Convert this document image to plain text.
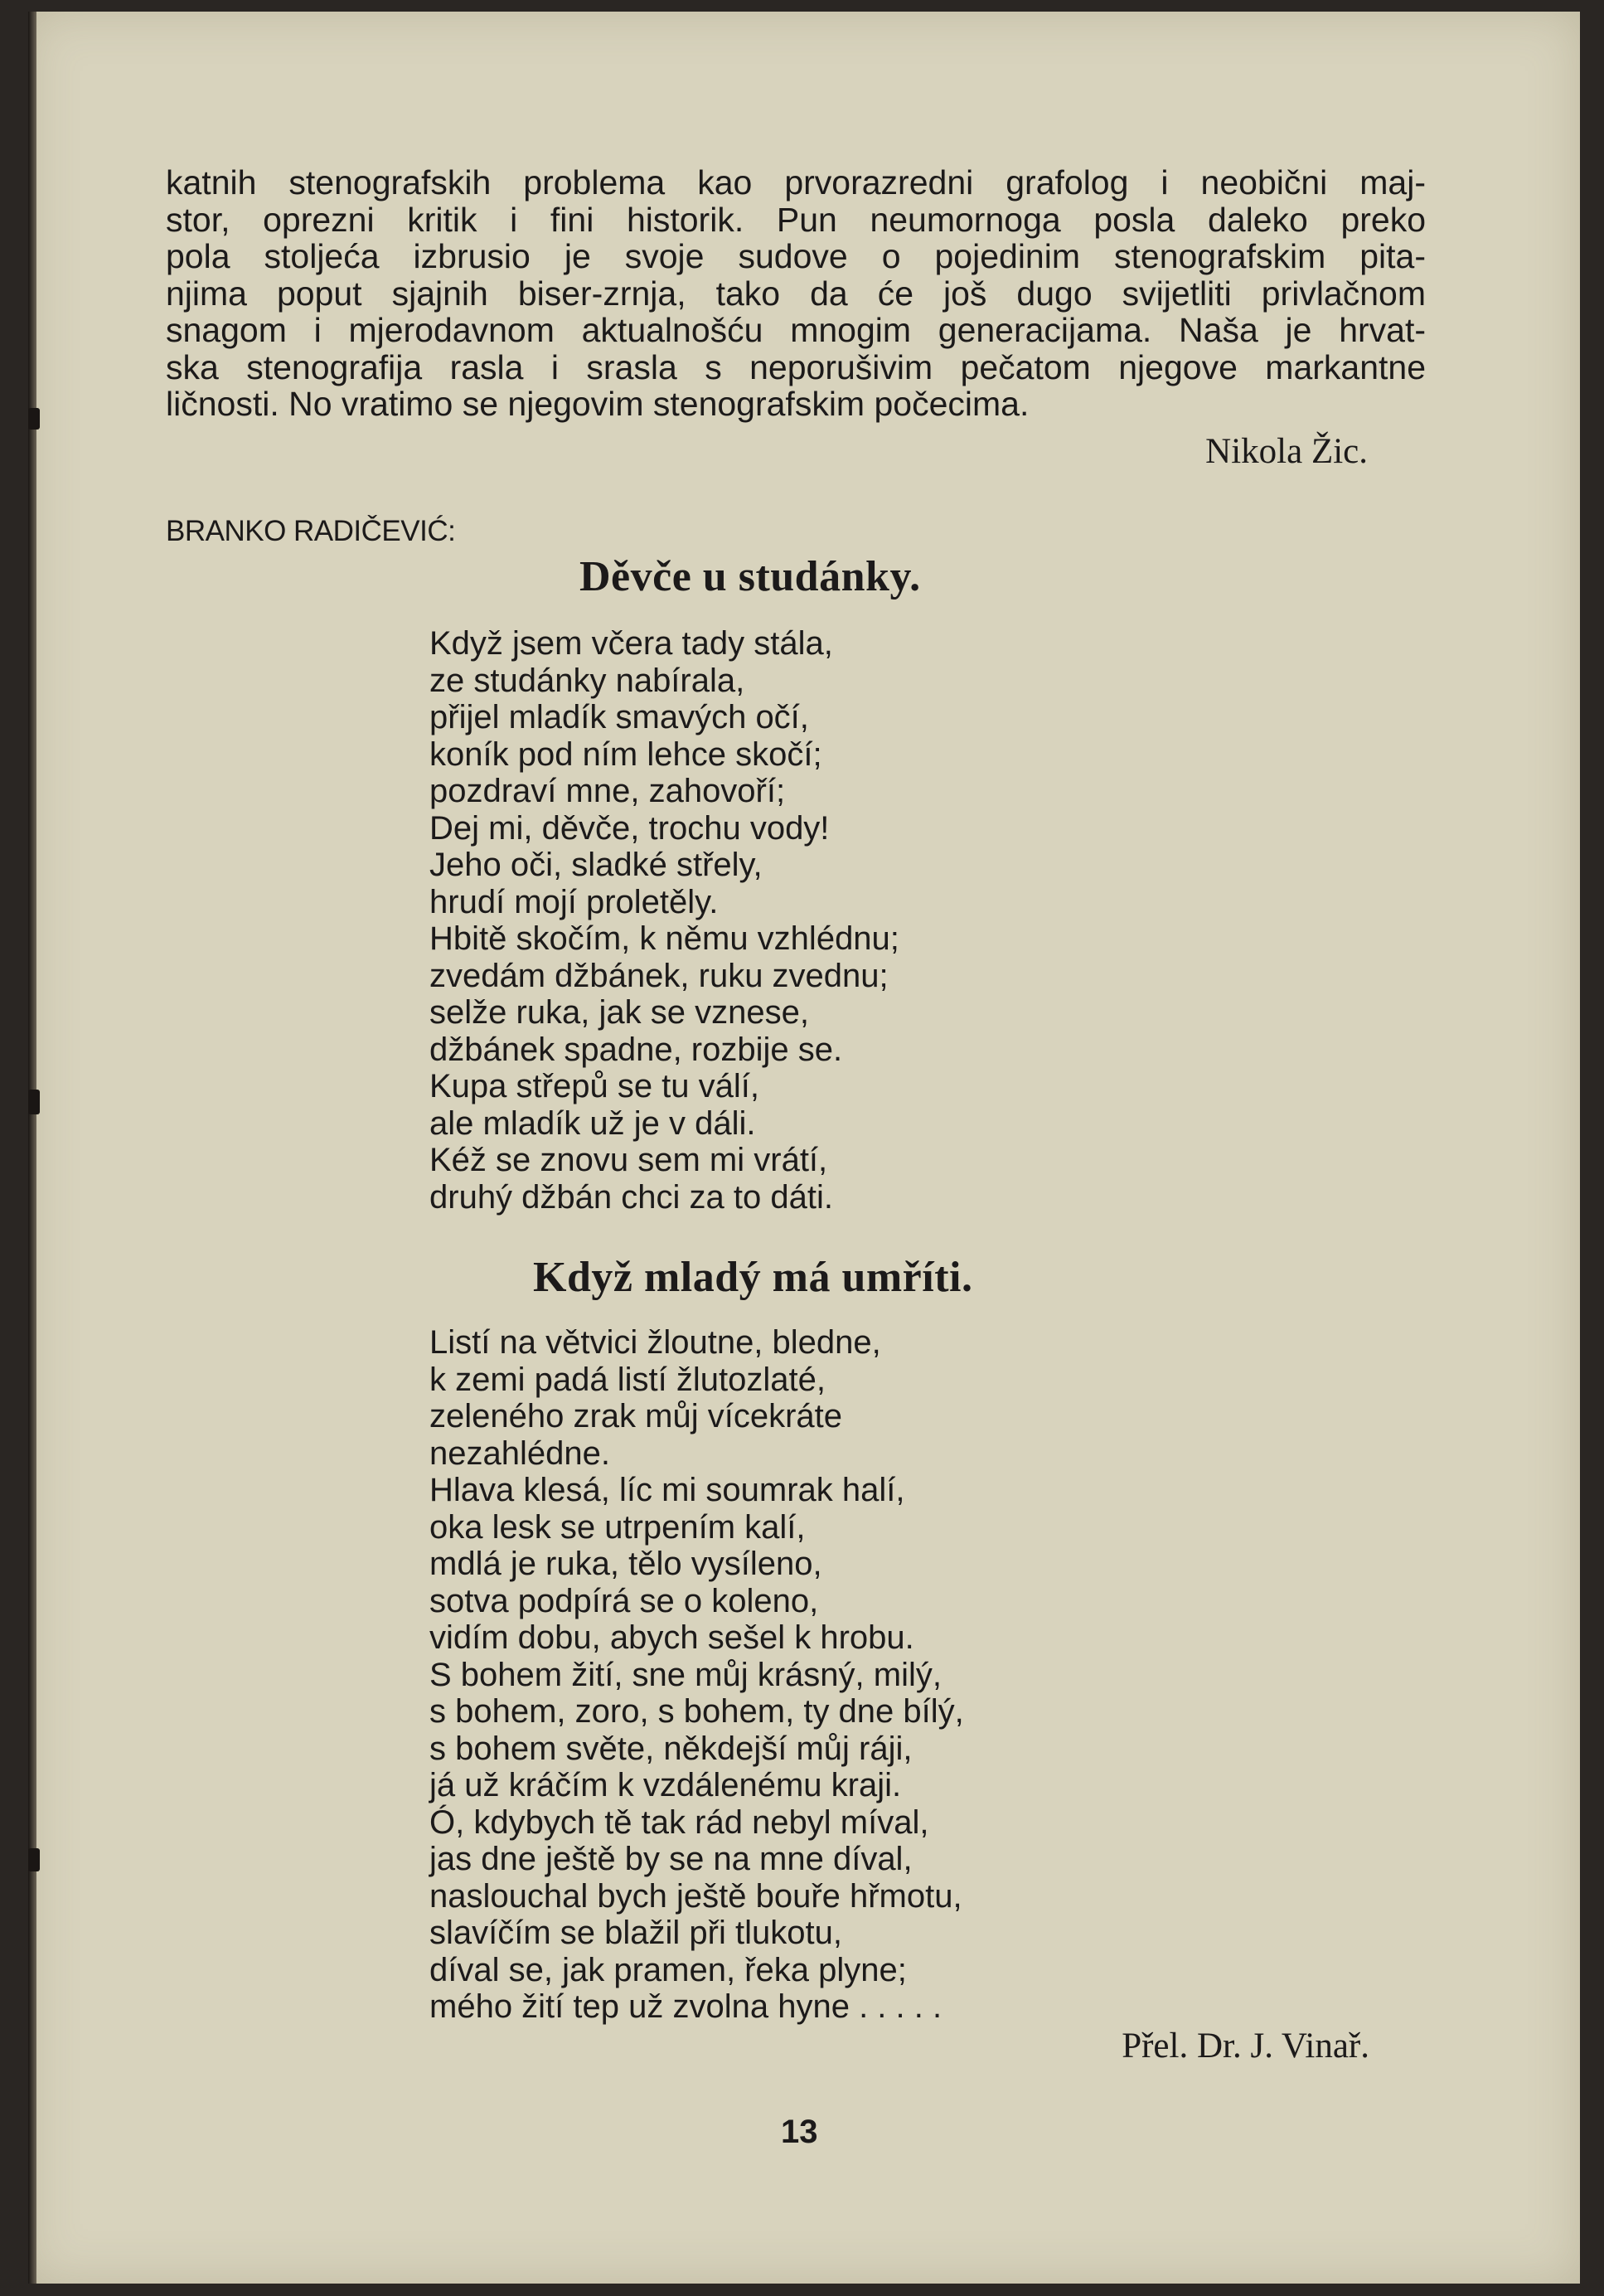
katnih stenografskih problema kao prvorazredni grafolog i neobični maj-
stor, oprezni kritik i fini historik. Pun neumornoga posla daleko preko
pola stoljeća izbrusio je svoje sudove o pojedinim stenografskim pita-
njima poput sjajnih biser-zrnja, tako da će još dugo svijetliti privlačnom
snagom i mjerodavnom aktualnošću mnogim generacijama. Naša je hrvat-
ska stenografija rasla i srasla s neporušivim pečatom njegove markantne
ličnosti. No vratimo se njegovim stenografskim počecima.
Nikola Žic.
BRANKO RADIČEVIĆ:
Děvče u studánky.
Když jsem včera tady stála,
ze studánky nabírala,
přijel mladík smavých očí,
koník pod ním lehce skočí;
pozdraví mne, zahovoří;
Dej mi, děvče, trochu vody!
Jeho oči, sladké střely,
hrudí mojí proletěly.
Hbitě skočím, k němu vzhlédnu;
zvedám džbánek, ruku zvednu;
selže ruka, jak se vznese,
džbánek spadne, rozbije se.
Kupa střepů se tu válí,
ale mladík už je v dáli.
Kéž se znovu sem mi vrátí,
druhý džbán chci za to dáti.
Když mladý má umříti.
Listí na větvici žloutne, bledne,
k zemi padá listí žlutozlaté,
zeleného zrak můj vícekráte
nezahlédne.
Hlava klesá, líc mi soumrak halí,
oka lesk se utrpením kalí,
mdlá je ruka, tělo vysíleno,
sotva podpírá se o koleno,
vidím dobu, abych sešel k hrobu.
S bohem žití, sne můj krásný, milý,
s bohem, zoro, s bohem, ty dne bílý,
s bohem světe, někdejší můj ráji,
já už kráčím k vzdálenému kraji.
Ó, kdybych tě tak rád nebyl míval,
jas dne ještě by se na mne díval,
naslouchal bych ještě bouře hřmotu,
slavíčím se blažil při tlukotu,
díval se, jak pramen, řeka plyne;
mého žití tep už zvolna hyne . . . . .
Přel. Dr. J. Vinař.
13
